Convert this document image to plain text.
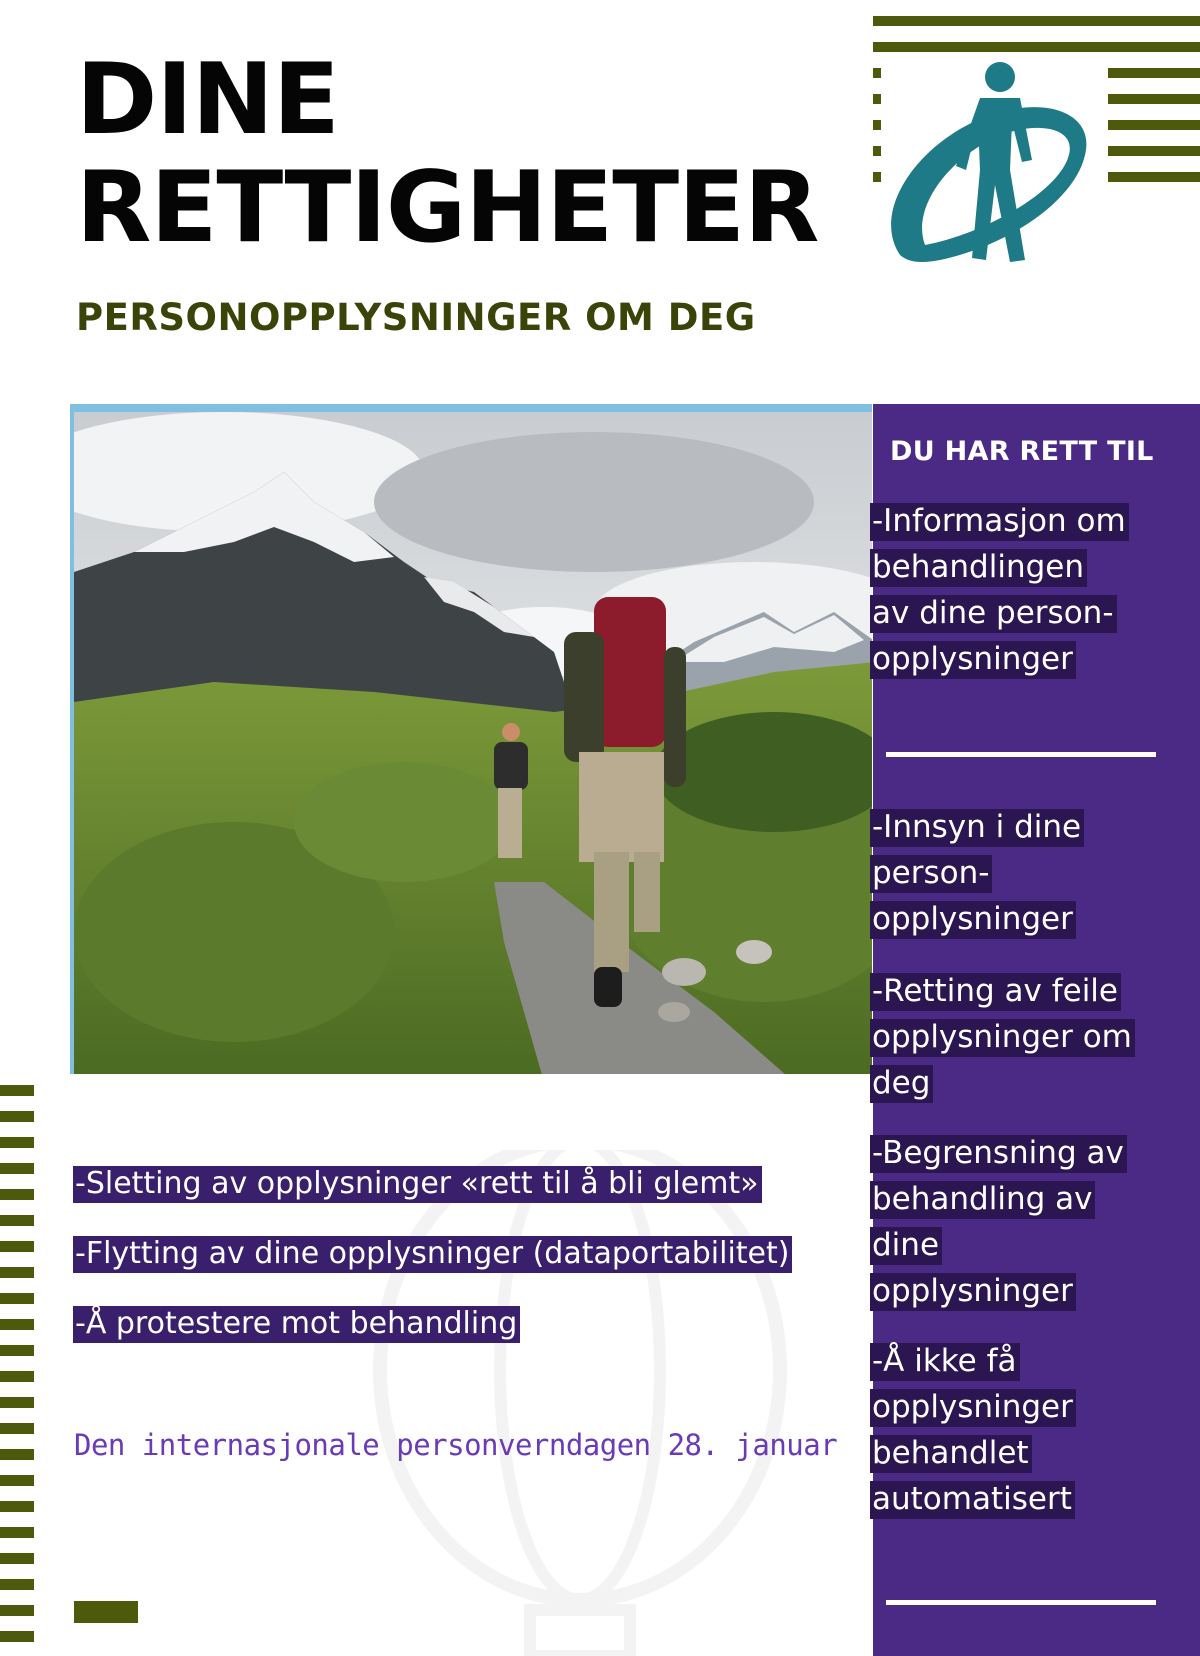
DINE
RETTIGHETER
PERSONOPPLYSNINGER OM DEG
DU HAR RETT TIL
-Informasjon om
behandlingen
av dine person-
opplysninger
-Innsyn i dine
person-
opplysninger
-Retting av feile
opplysninger om
deg
-Begrensning av
behandling av
dine
opplysninger
-Å ikke få
opplysninger
behandlet
automatisert
-Sletting av opplysninger «rett til å bli glemt»
-Flytting av dine opplysninger (dataportabilitet)
-Å protestere mot behandling
Den internasjonale personverndagen 28. januar
